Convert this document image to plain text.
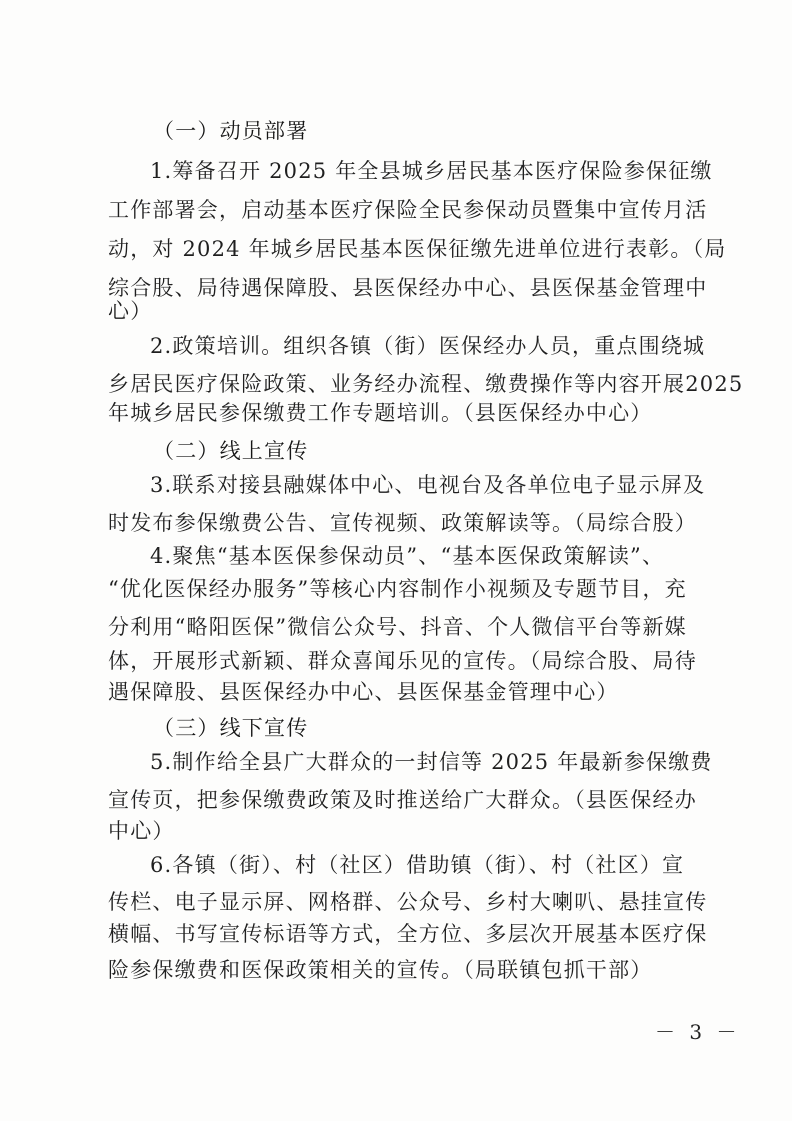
（一）动员部署
1.筹备召开 2025 年全县城乡居民基本医疗保险参保征缴
工作部署会，启动基本医疗保险全民参保动员暨集中宣传月活
动，对 2024 年城乡居民基本医保征缴先进单位进行表彰。（局
综合股、局待遇保障股、县医保经办中心、县医保基金管理中
心）
2.政策培训。组织各镇（街）医保经办人员，重点围绕城
乡居民医疗保险政策、业务经办流程、缴费操作等内容开展2025
年城乡居民参保缴费工作专题培训。（县医保经办中心）
（二）线上宣传
3.联系对接县融媒体中心、电视台及各单位电子显示屏及
时发布参保缴费公告、宣传视频、政策解读等。（局综合股）
4.聚焦“基本医保参保动员”、“基本医保政策解读”、
“优化医保经办服务”等核心内容制作小视频及专题节目，充
分利用“略阳医保”微信公众号、抖音、个人微信平台等新媒
体，开展形式新颖、群众喜闻乐见的宣传。（局综合股、局待
遇保障股、县医保经办中心、县医保基金管理中心）
（三）线下宣传
5.制作给全县广大群众的一封信等 2025 年最新参保缴费
宣传页，把参保缴费政策及时推送给广大群众。（县医保经办
中心）
6.各镇（街）、村（社区）借助镇（街）、村（社区）宣
传栏、电子显示屏、网格群、公众号、乡村大喇叭、悬挂宣传
横幅、书写宣传标语等方式，全方位、多层次开展基本医疗保
险参保缴费和医保政策相关的宣传。（局联镇包抓干部）
－ 3 －
